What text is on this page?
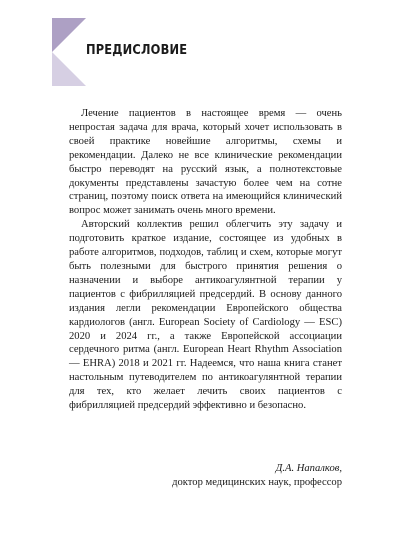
ПРЕДИСЛОВИЕ

Лечение пациентов в настоящее время — очень непростая задача для врача, который хочет использовать в своей практике новейшие алгоритмы, схемы и рекомендации. Далеко не все клинические рекомендации быстро переводят на русский язык, а полнотекстовые документы представлены зачастую более чем на сотне страниц, поэтому поиск ответа на имеющийся клинический вопрос может занимать очень много времени.

Авторский коллектив решил облегчить эту задачу и подготовить краткое издание, состоящее из удобных в работе алгоритмов, подходов, таблиц и схем, которые могут быть полезными для быстрого принятия решения о назначении и выборе антикоагулянтной терапии у пациентов с фибрилляцией предсердий. В основу данного издания легли рекомендации Европейского общества кардиологов (англ. European Society of Cardiology — ESC) 2020 и 2024 гг., а также Европейской ассоциации сердечного ритма (англ. European Heart Rhythm Association — EHRA) 2018 и 2021 гг. Надеемся, что наша книга станет настольным путеводителем по антикоагулянтной терапии для тех, кто желает лечить своих пациентов с фибрилляцией предсердий эффективно и безопасно.

Д.А. Напалков,

доктор медицинских наук, профессор
